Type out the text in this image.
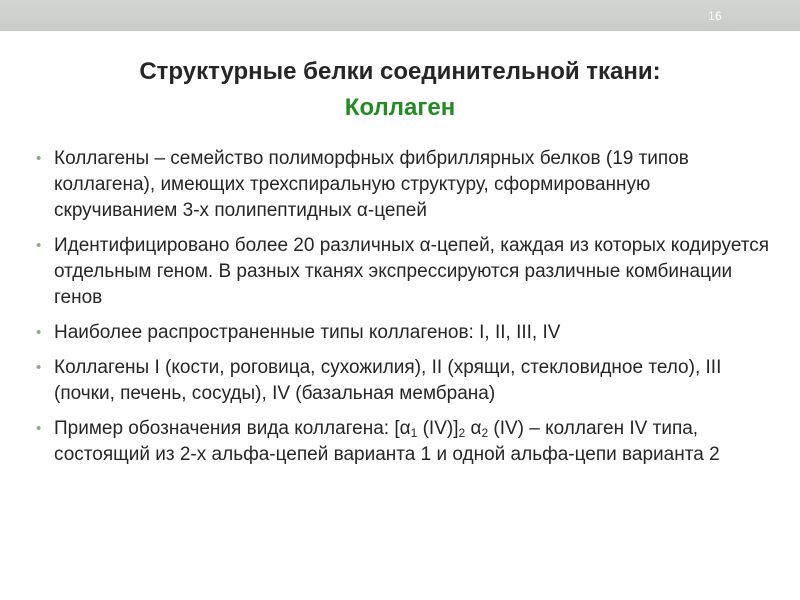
16
Структурные белки соединительной ткани:
Коллаген
• Коллагены – семейство полиморфных фибриллярных белков (19 типов коллагена), имеющих трехспиральную структуру, сформированную скручиванием 3-х полипептидных α-цепей
• Идентифицировано более 20 различных α-цепей, каждая из которых кодируется отдельным геном. В разных тканях экспрессируются различные комбинации генов
• Наиболее распространенные типы коллагенов: I, II, III, IV
• Коллагены I (кости, роговица, сухожилия), II (хрящи, стекловидное тело), III (почки, печень, сосуды), IV (базальная мембрана)
• Пример обозначения вида коллагена: [$\alpha_1$ $(IV)]_2$ $\alpha_2$ (IV) – коллаген IV типа, состоящий из 2-х альфа-цепей варианта 1 и одной альфа-цепи варианта 2
